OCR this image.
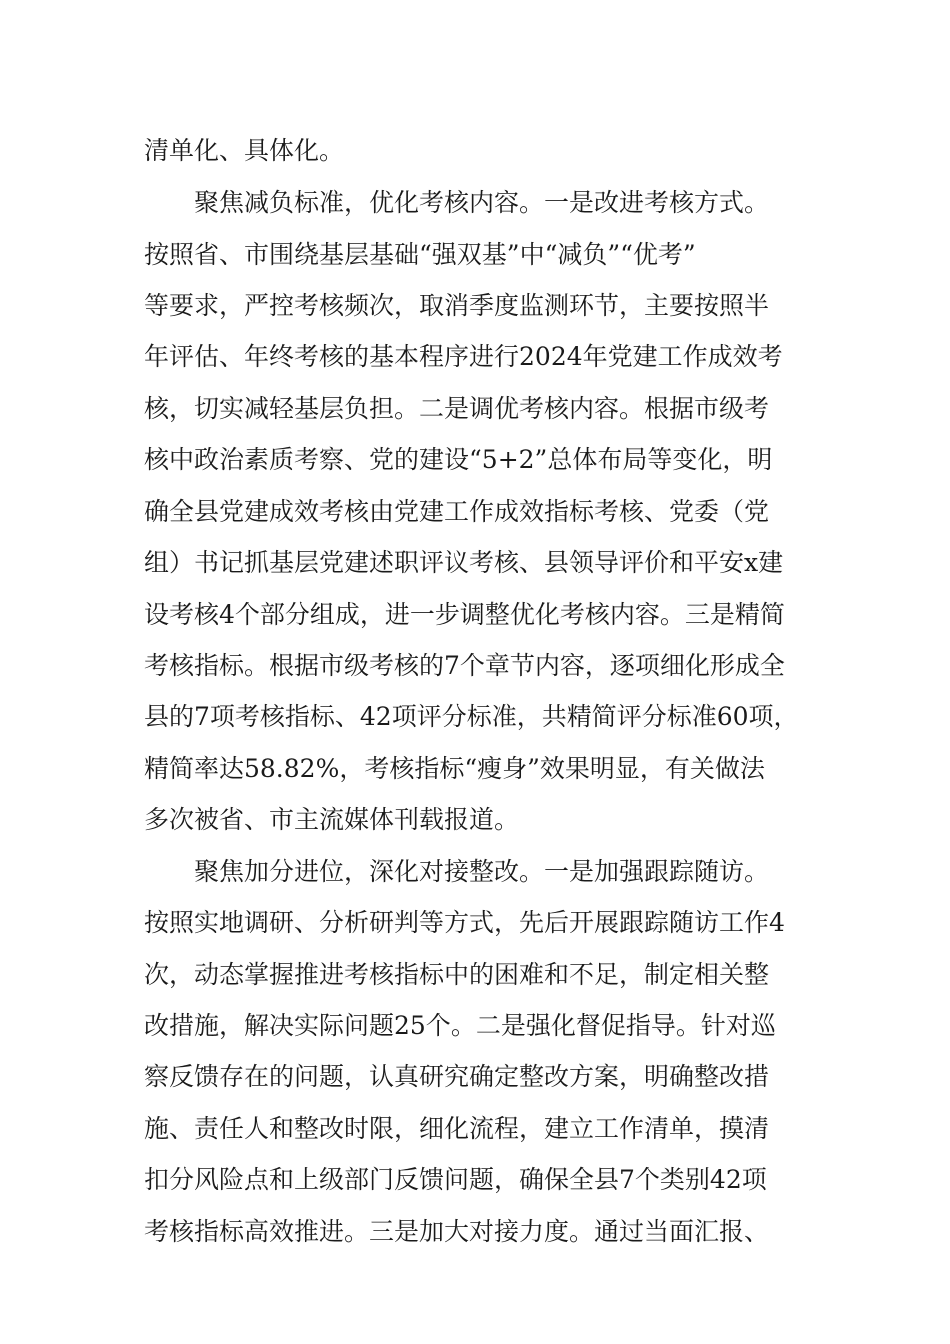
清单化、具体化。

聚焦减负标准，优化考核内容。一是改进考核方式。

按照省、市围绕基层基础“强双基”中“减负”“优考”

等要求，严控考核频次，取消季度监测环节，主要按照半

年评估、年终考核的基本程序进行2024年党建工作成效考

核，切实减轻基层负担。二是调优考核内容。根据市级考

核中政治素质考察、党的建设“5+2”总体布局等变化，明

确全县党建成效考核由党建工作成效指标考核、党委（党

组）书记抓基层党建述职评议考核、县领导评价和平安x建

设考核4个部分组成，进一步调整优化考核内容。三是精简

考核指标。根据市级考核的7个章节内容，逐项细化形成全

县的7项考核指标、42项评分标准，共精简评分标准60项，

精简率达58.82%，考核指标“瘦身”效果明显，有关做法

多次被省、市主流媒体刊载报道。

聚焦加分进位，深化对接整改。一是加强跟踪随访。

按照实地调研、分析研判等方式，先后开展跟踪随访工作4

次，动态掌握推进考核指标中的困难和不足，制定相关整

改措施，解决实际问题25个。二是强化督促指导。针对巡

察反馈存在的问题，认真研究确定整改方案，明确整改措

施、责任人和整改时限，细化流程，建立工作清单，摸清

扣分风险点和上级部门反馈问题，确保全县7个类别42项

考核指标高效推进。三是加大对接力度。通过当面汇报、
